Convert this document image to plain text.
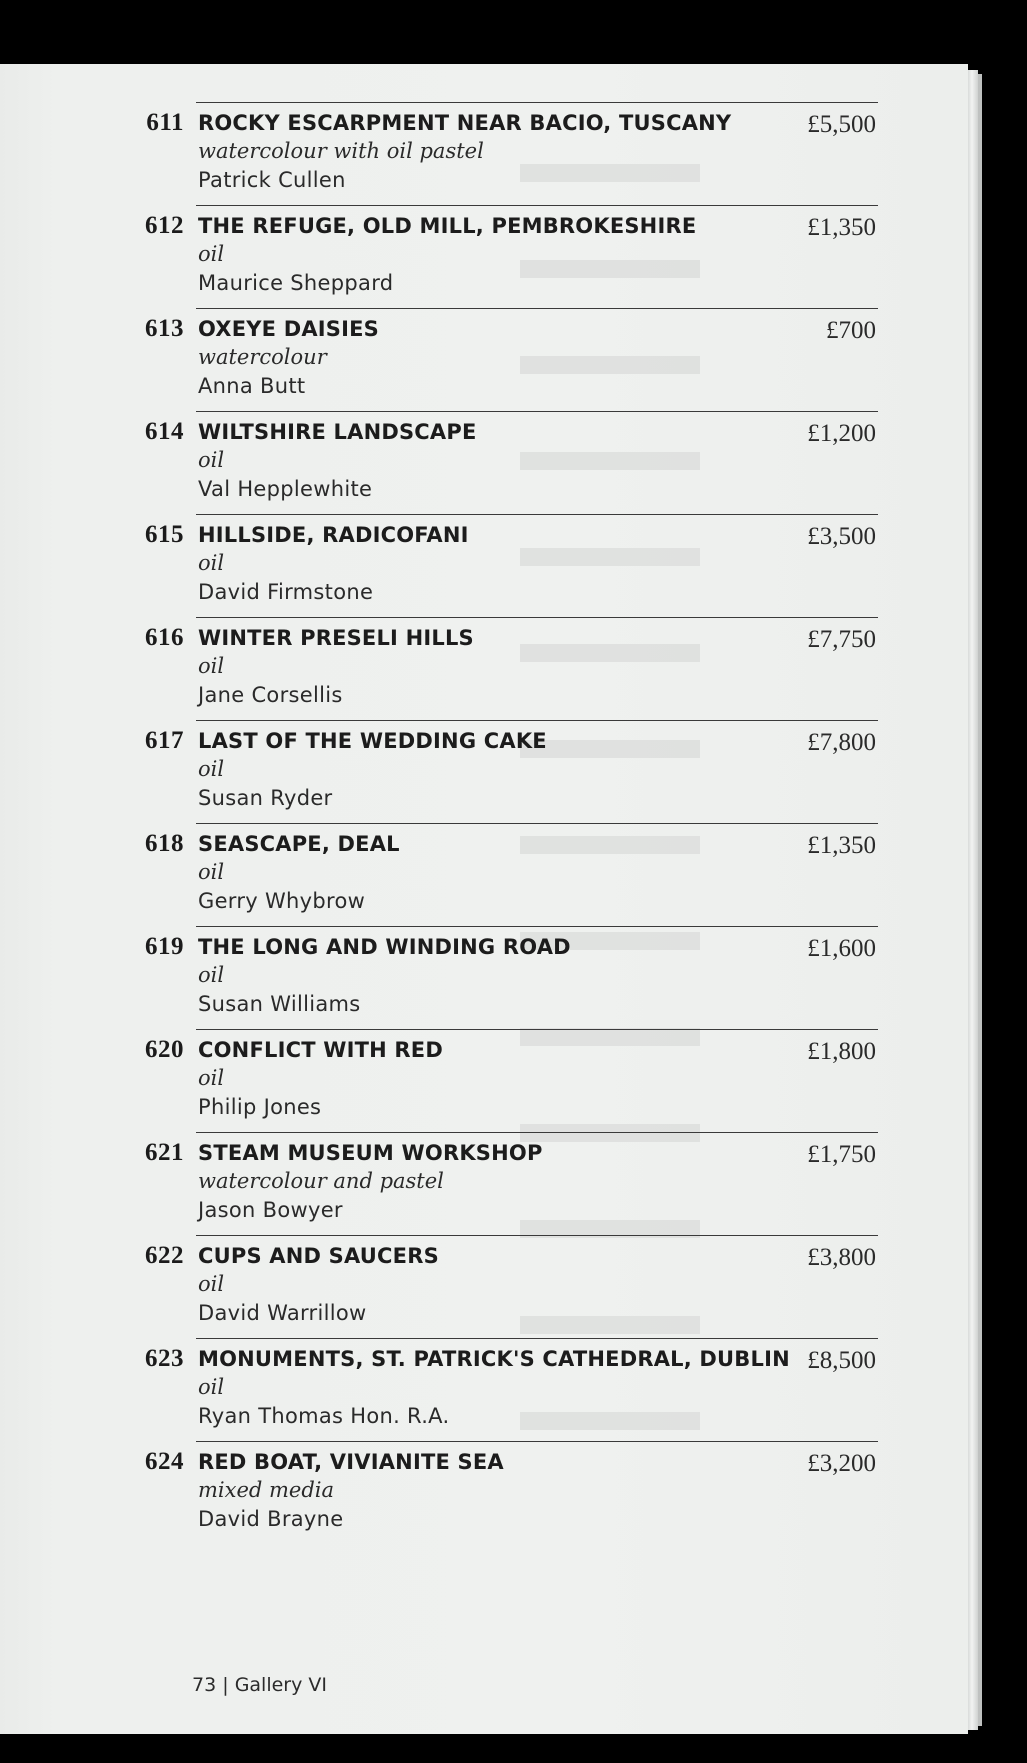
611 ROCKY ESCARPMENT NEAR BACIO, TUSCANY
watercolour with oil pastel
Patrick Cullen
£5,500
612 THE REFUGE, OLD MILL, PEMBROKESHIRE
oil
Maurice Sheppard
£1,350
613 OXEYE DAISIES
watercolour
Anna Butt
£700
614 WILTSHIRE LANDSCAPE
oil
Val Hepplewhite
£1,200
615 HILLSIDE, RADICOFANI
oil
David Firmstone
£3,500
616 WINTER PRESELI HILLS
oil
Jane Corsellis
£7,750
617 LAST OF THE WEDDING CAKE
oil
Susan Ryder
£7,800
618 SEASCAPE, DEAL
oil
Gerry Whybrow
£1,350
619 THE LONG AND WINDING ROAD
oil
Susan Williams
£1,600
620 CONFLICT WITH RED
oil
Philip Jones
£1,800
621 STEAM MUSEUM WORKSHOP
watercolour and pastel
Jason Bowyer
£1,750
622 CUPS AND SAUCERS
oil
David Warrillow
£3,800
623 MONUMENTS, ST. PATRICK'S CATHEDRAL, DUBLIN
oil
Ryan Thomas Hon. R.A.
£8,500
624 RED BOAT, VIVIANITE SEA
mixed media
David Brayne
£3,200
73 | Gallery VI
